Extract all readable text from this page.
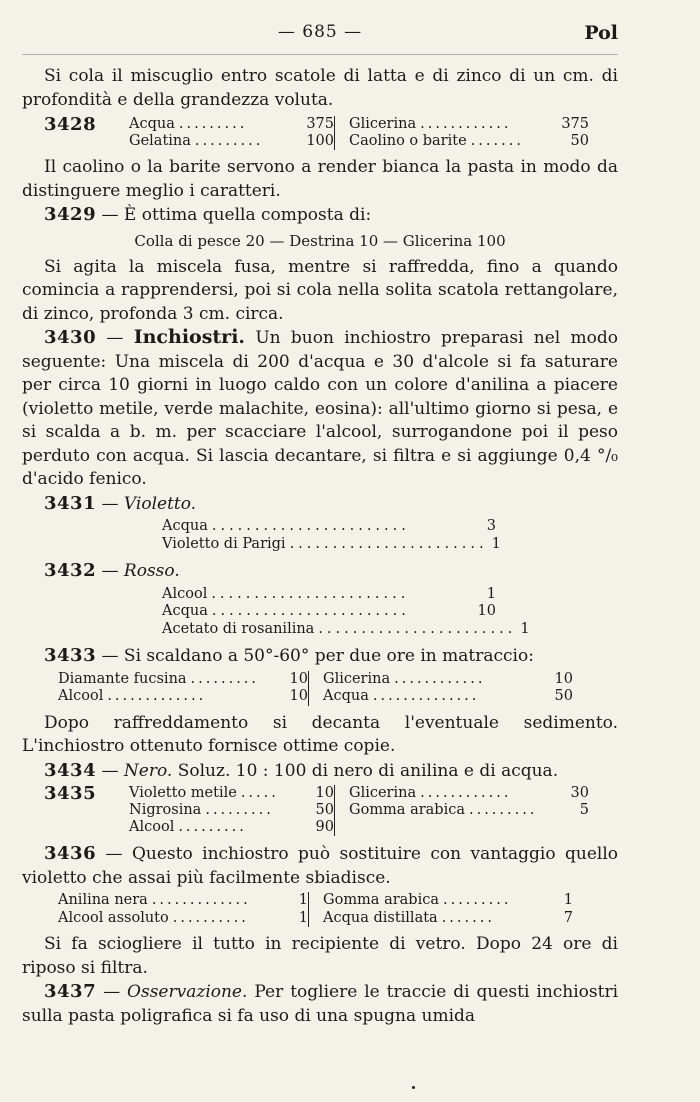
— 685 —	Pol

Si cola il miscuglio entro scatole di latta e di zinco di un cm. di profondità e della grandezza voluta.

3428	Acqua .........	375
Gelatina .........	100
Glicerina ............	375
Caolino o barite .......	50

Il caolino o la barite servono a render bianca la pasta in modo da distinguere meglio i caratteri.

3429 — È ottima quella composta di:

Colla di pesce 20 — Destrina 10 — Glicerina 100

Si agita la miscela fusa, mentre si raffredda, fino a quando comincia a rapprendersi, poi si cola nella solita scatola rettangolare, di zinco, profonda 3 cm. circa.

3430 — Inchiostri. Un buon inchiostro preparasi nel modo seguente: Una miscela di 200 d'acqua e 30 d'alcole si fa saturare per circa 10 giorni in luogo caldo con un colore d'anilina a piacere (violetto metile, verde malachite, eosina): all'ultimo giorno si pesa, e si scalda a b. m. per scacciare l'alcool, surrogandone poi il peso perduto con acqua. Si lascia decantare, si filtra e si aggiunge 0,4 °/₀ d'acido fenico.

3431 — Violetto.

Acqua .......................	3
Violetto di Parigi ....................... 1

3432 — Rosso.

Alcool .......................	1
Acqua .......................	10
Acetato di rosanilina ....................... 1

3433 — Si scaldano a 50°-60° per due ore in matraccio:

Diamante fucsina .........	10
Alcool .............	10
Glicerina ............	10
Acqua ..............	50

Dopo raffreddamento si decanta l'eventuale sedimento. L'inchiostro ottenuto fornisce ottime copie.

3434 — Nero. Soluz. 10 : 100 di nero di anilina e di acqua.

3435	Violetto metile .....	10
Nigrosina .........	50
Alcool .........	90
Glicerina ............	30
Gomma arabica .........	5

3436 — Questo inchiostro può sostituire con vantaggio quello violetto che assai più facilmente sbiadisce.

Anilina nera .............	1
Alcool assoluto ..........	1
Gomma arabica .........	1
Acqua distillata .......	7

Si fa sciogliere il tutto in recipiente di vetro. Dopo 24 ore di riposo si filtra.

3437 — Osservazione. Per togliere le traccie di questi inchiostri sulla pasta poligrafica si fa uso di una spugna umida
